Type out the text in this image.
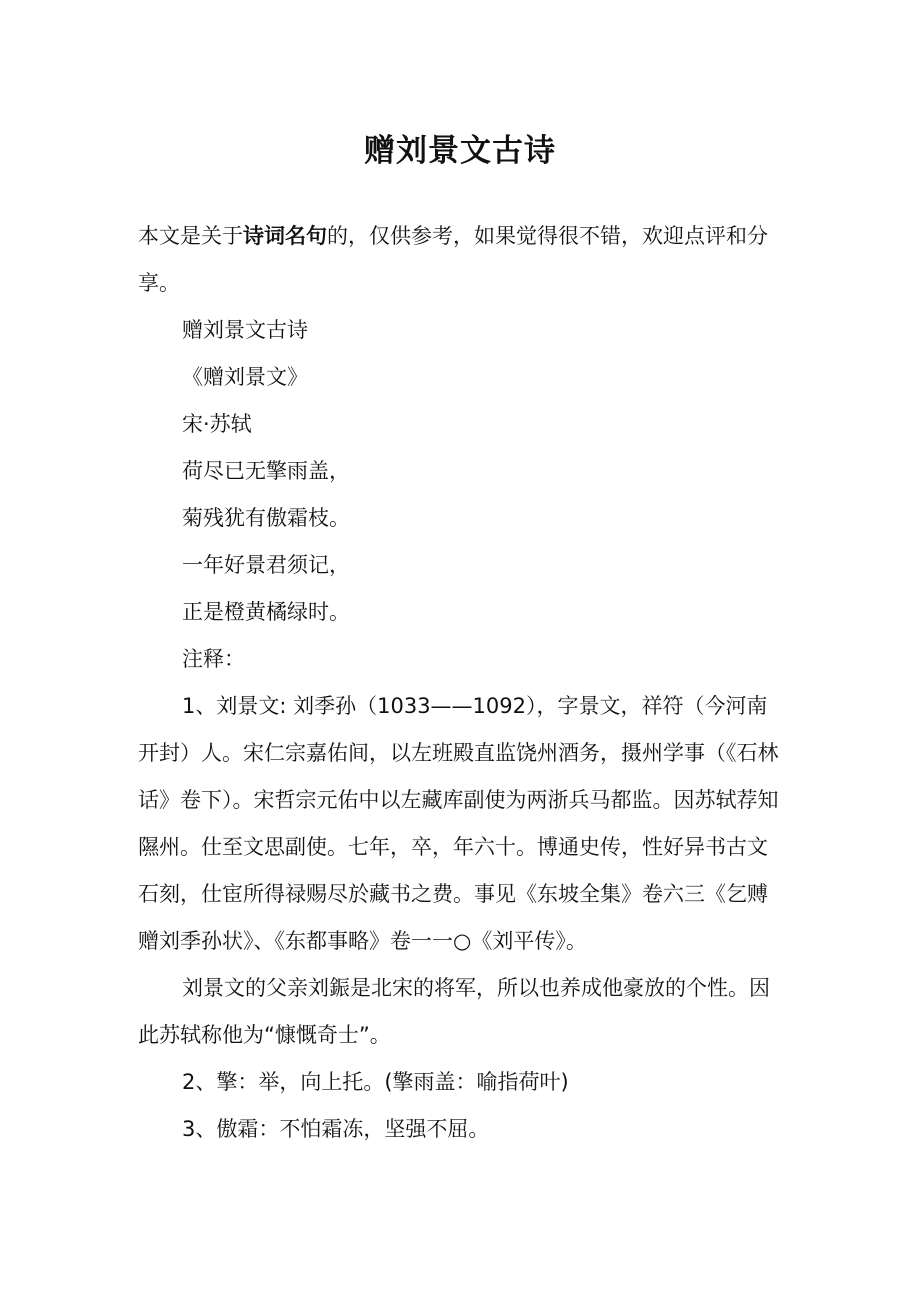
赠刘景文古诗

本文是关于诗词名句的，仅供参考，如果觉得很不错，欢迎点评和分享。

赠刘景文古诗

《赠刘景文》

宋·苏轼

荷尽已无擎雨盖，

菊残犹有傲霜枝。

一年好景君须记，

正是橙黄橘绿时。

注释：

1、刘景文: 刘季孙（1033——1092），字景文，祥符（今河南开封）人。宋仁宗嘉佑间，以左班殿直监饶州酒务，摄州学事（《石林话》卷下）。宋哲宗元佑中以左藏库副使为两浙兵马都监。因苏轼荐知隰州。仕至文思副使。七年，卒，年六十。博通史传，性好异书古文石刻，仕宦所得禄赐尽於藏书之费。事见《东坡全集》卷六三《乞赙赠刘季孙状》、《东都事略》卷一一○《刘平传》。

刘景文的父亲刘鋠是北宋的将军，所以也养成他豪放的个性。因此苏轼称他为“慷慨奇士”。

2、擎：举，向上托。(擎雨盖：喻指荷叶)

3、傲霜：不怕霜冻，坚强不屈。
